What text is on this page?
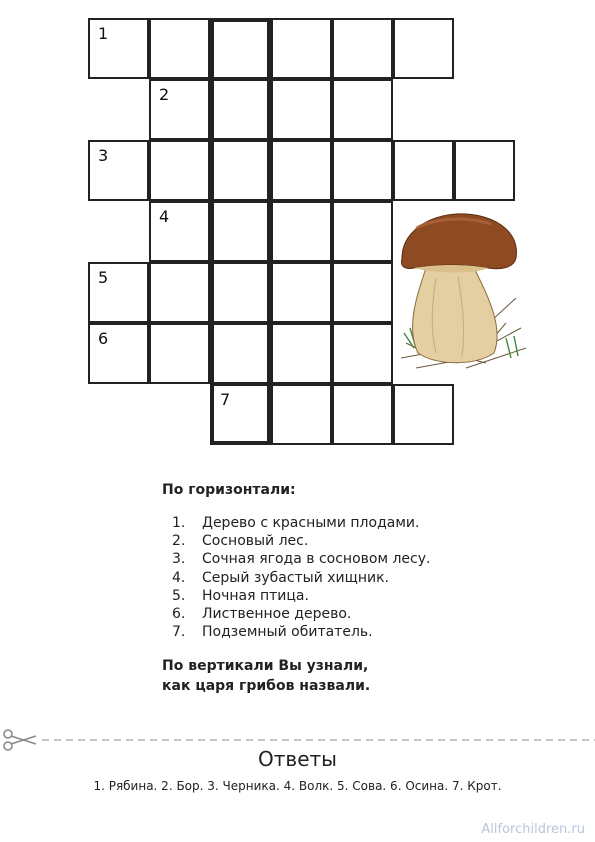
1
2
3
4
5
6
7
По горизонтали:
1. Дерево с красными плодами.
2. Сосновый лес.
3. Сочная ягода в сосновом лесу.
4. Серый зубастый хищник.
5. Ночная птица.
6. Лиственное дерево.
7. Подземный обитатель.
По вертикали Вы узнали,
как царя грибов назвали.
Ответы
1. Рябина. 2. Бор. 3. Черника. 4. Волк. 5. Сова. 6. Осина. 7. Крот.
Allforchildren.ru
